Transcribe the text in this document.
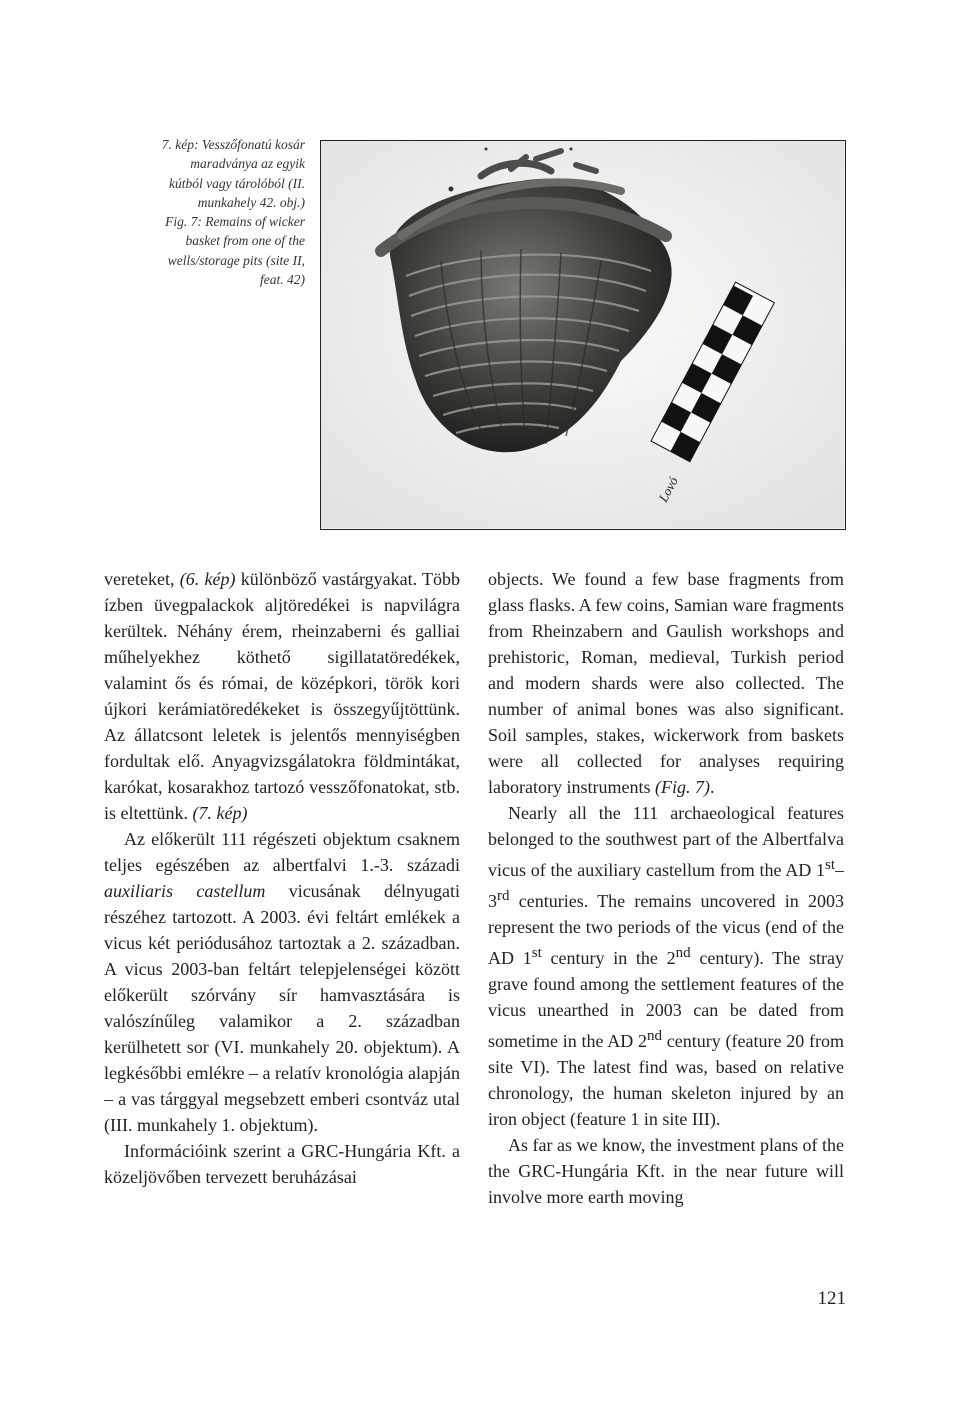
7. kép: Vesszőfonatú kosár
maradványa az egyik
kútból vagy tárolóból (II.
munkahely 42. obj.)
Fig. 7: Remains of wicker
basket from one of the
wells/storage pits (site II,
feat. 42)
Lovó

vereteket, (6. kép) különböző vastárgyakat. Több ízben üvegpalackok aljtöredékei is napvilágra kerültek. Néhány érem, rheinzaberni és galliai műhelyekhez köthető sigillatatöredékek, valamint ős és római, de középkori, török kori újkori kerámiatöredékeket is összegyűjtöttünk. Az állatcsont leletek is jelentős mennyiségben fordultak elő. Anyagvizsgálatokra földmintákat, karókat, kosarakhoz tartozó vesszőfonatokat, stb. is eltettünk. (7. kép)

Az előkerült 111 régészeti objektum csaknem teljes egészében az albertfalvi 1.-3. századi auxiliaris castellum vicusának délnyugati részéhez tartozott. A 2003. évi feltárt emlékek a vicus két periódusához tartoztak a 2. században. A vicus 2003-ban feltárt telepjelenségei között előkerült szórvány sír hamvasztására is valószínűleg valamikor a 2. században kerülhetett sor (VI. munkahely 20. objektum). A legkésőbbi emlékre – a relatív kronológia alapján – a vas tárggyal megsebzett emberi csontváz utal (III. munkahely 1. objektum).

Információink szerint a GRC-Hungária Kft. a közeljövőben tervezett beruházásai

objects. We found a few base fragments from glass flasks. A few coins, Samian ware fragments from Rheinzabern and Gaulish workshops and prehistoric, Roman, medieval, Turkish period and modern shards were also collected. The number of animal bones was also significant. Soil samples, stakes, wickerwork from baskets were all collected for analyses requiring laboratory instruments (Fig. 7).

Nearly all the 111 archaeological features belonged to the southwest part of the Albertfalva vicus of the auxiliary castellum from the AD 1st–3rd centuries. The remains uncovered in 2003 represent the two periods of the vicus (end of the AD 1st century in the 2nd century). The stray grave found among the settlement features of the vicus unearthed in 2003 can be dated from sometime in the AD 2nd century (feature 20 from site VI). The latest find was, based on relative chronology, the human skeleton injured by an iron object (feature 1 in site III).

As far as we know, the investment plans of the the GRC-Hungária Kft. in the near future will involve more earth moving

121
